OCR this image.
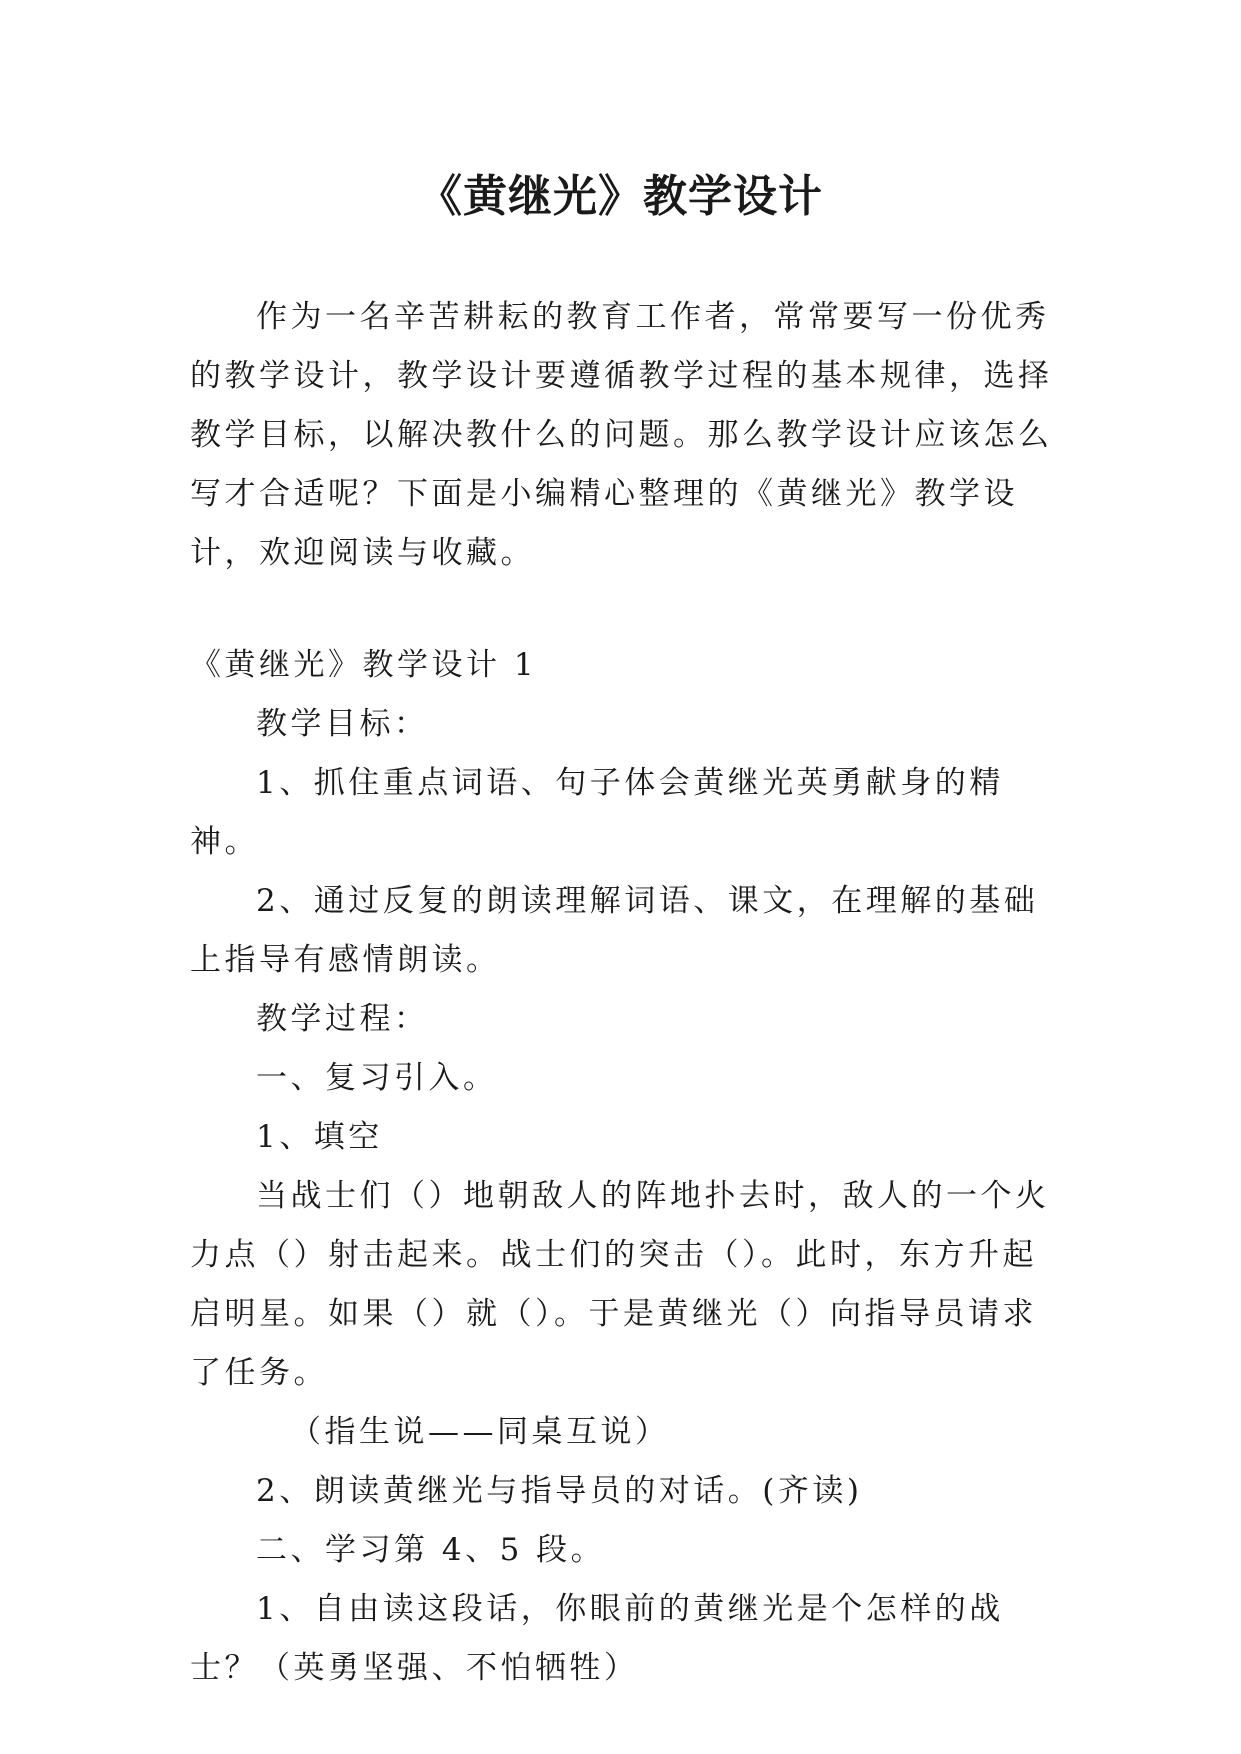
《黄继光》教学设计

作为一名辛苦耕耘的教育工作者，常常要写一份优秀的教学设计，教学设计要遵循教学过程的基本规律，选择教学目标，以解决教什么的问题。那么教学设计应该怎么写才合适呢？下面是小编精心整理的《黄继光》教学设计，欢迎阅读与收藏。

《黄继光》教学设计 1

教学目标：

1、抓住重点词语、句子体会黄继光英勇献身的精神。

2、通过反复的朗读理解词语、课文，在理解的基础上指导有感情朗读。

教学过程：

一、复习引入。

1、填空

当战士们（）地朝敌人的阵地扑去时，敌人的一个火力点（）射击起来。战士们的突击（）。此时，东方升起启明星。如果（）就（）。于是黄继光（）向指导员请求了任务。

（指生说——同桌互说）

2、朗读黄继光与指导员的对话。(齐读)

二、学习第 4、5 段。

1、自由读这段话，你眼前的黄继光是个怎样的战士？（英勇坚强、不怕牺牲）
